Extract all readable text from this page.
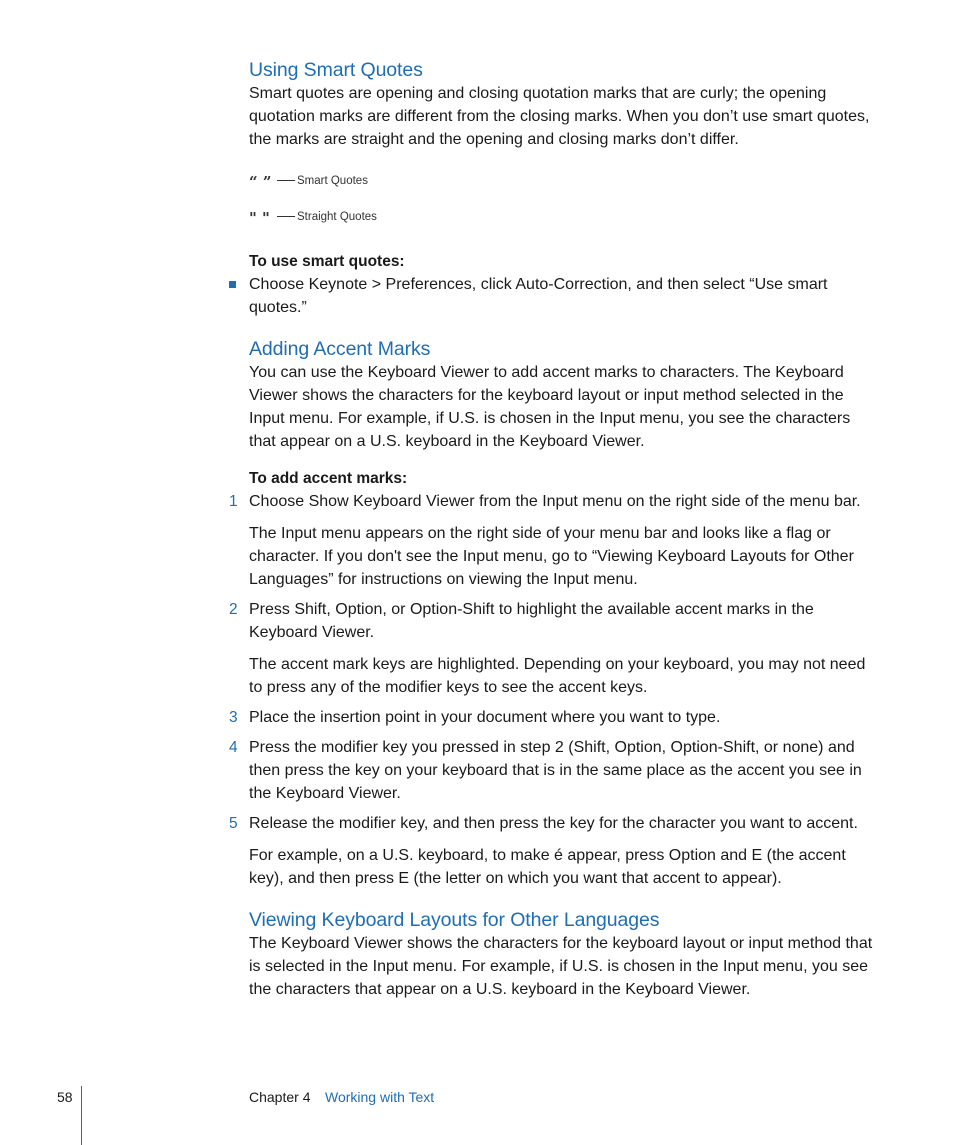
Using Smart Quotes

Smart quotes are opening and closing quotation marks that are curly; the opening quotation marks are different from the closing marks. When you don’t use smart quotes, the marks are straight and the opening and closing marks don’t differ.

“ ”	Smart Quotes
" "	Straight Quotes

To use smart quotes:

Choose Keynote > Preferences, click Auto-Correction, and then select “Use smart quotes.”

Adding Accent Marks

You can use the Keyboard Viewer to add accent marks to characters. The Keyboard Viewer shows the characters for the keyboard layout or input method selected in the Input menu. For example, if U.S. is chosen in the Input menu, you see the characters that appear on a U.S. keyboard in the Keyboard Viewer.

To add accent marks:

1 Choose Show Keyboard Viewer from the Input menu on the right side of the menu bar.

The Input menu appears on the right side of your menu bar and looks like a flag or character. If you don't see the Input menu, go to “Viewing Keyboard Layouts for Other Languages” for instructions on viewing the Input menu.

2 Press Shift, Option, or Option-Shift to highlight the available accent marks in the Keyboard Viewer.

The accent mark keys are highlighted. Depending on your keyboard, you may not need to press any of the modifier keys to see the accent keys.

3 Place the insertion point in your document where you want to type.

4 Press the modifier key you pressed in step 2 (Shift, Option, Option-Shift, or none) and then press the key on your keyboard that is in the same place as the accent you see in the Keyboard Viewer.

5 Release the modifier key, and then press the key for the character you want to accent.

For example, on a U.S. keyboard, to make é appear, press Option and E (the accent key), and then press E (the letter on which you want that accent to appear).

Viewing Keyboard Layouts for Other Languages

The Keyboard Viewer shows the characters for the keyboard layout or input method that is selected in the Input menu. For example, if U.S. is chosen in the Input menu, you see the characters that appear on a U.S. keyboard in the Keyboard Viewer.

58	Chapter 4 Working with Text
